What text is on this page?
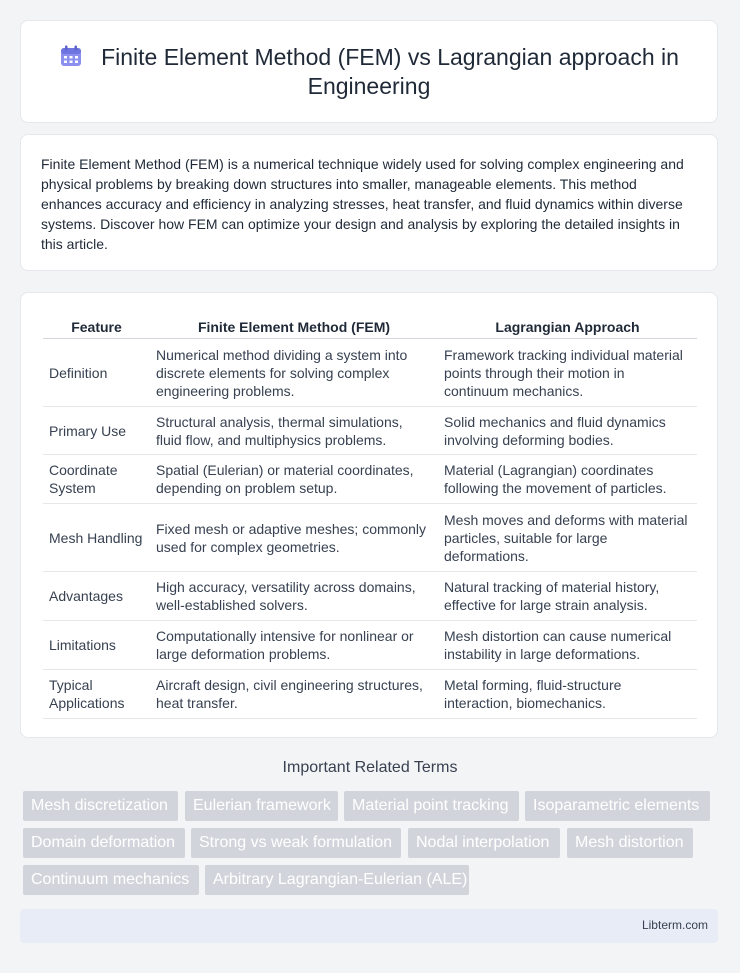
Finite Element Method (FEM) vs Lagrangian approach in Engineering
Finite Element Method (FEM) is a numerical technique widely used for solving complex engineering and physical problems by breaking down structures into smaller, manageable elements. This method enhances accuracy and efficiency in analyzing stresses, heat transfer, and fluid dynamics within diverse systems. Discover how FEM can optimize your design and analysis by exploring the detailed insights in this article.
Feature	Finite Element Method (FEM)	Lagrangian Approach
Definition	Numerical method dividing a system into discrete elements for solving complex engineering problems.	Framework tracking individual material points through their motion in continuum mechanics.
Primary Use	Structural analysis, thermal simulations, fluid flow, and multiphysics problems.	Solid mechanics and fluid dynamics involving deforming bodies.
Coordinate System	Spatial (Eulerian) or material coordinates, depending on problem setup.	Material (Lagrangian) coordinates following the movement of particles.
Mesh Handling	Fixed mesh or adaptive meshes; commonly used for complex geometries.	Mesh moves and deforms with material particles, suitable for large deformations.
Advantages	High accuracy, versatility across domains, well-established solvers.	Natural tracking of material history, effective for large strain analysis.
Limitations	Computationally intensive for nonlinear or large deformation problems.	Mesh distortion can cause numerical instability in large deformations.
Typical Applications	Aircraft design, civil engineering structures, heat transfer.	Metal forming, fluid-structure interaction, biomechanics.
Important Related Terms
Mesh discretization	Eulerian framework	Material point tracking	Isoparametric elements
Domain deformation	Strong vs weak formulation	Nodal interpolation	Mesh distortion
Continuum mechanics	Arbitrary Lagrangian-Eulerian (ALE)
Libterm.com
